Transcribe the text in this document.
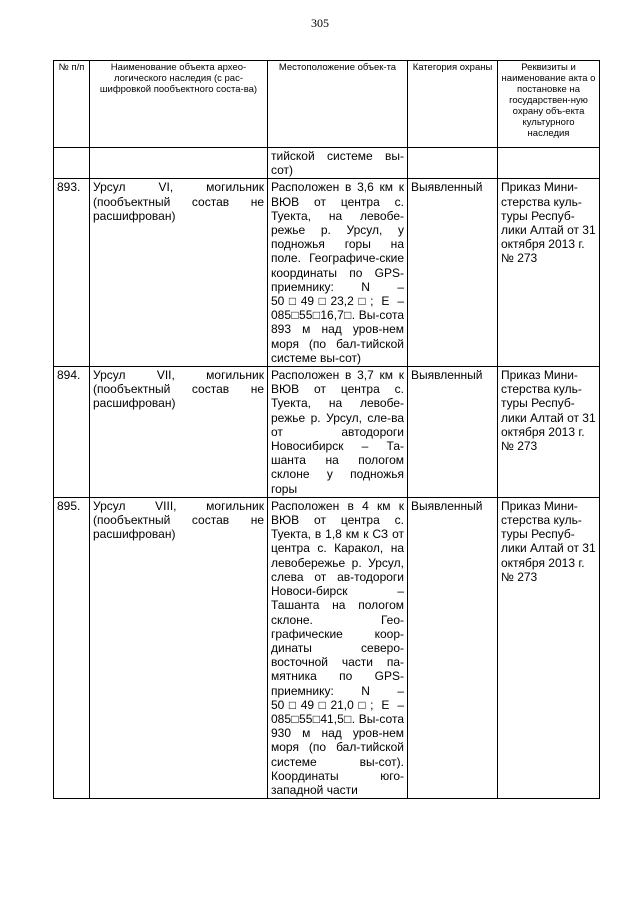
305
№ п/п	Наименование объекта архео-логического наследия (с рас-шифровкой пообъектного соста-ва)	Местоположение объек-та	Категория охраны	Реквизиты и наименование акта о постановке на государствен-ную охрану объ-екта культурного наследия
		тийской системе вы-сот)		
893.	Урсул VI, могильник (пообъектный состав не расшифрован)	Расположен в 3,6 км к ВЮВ от центра с. Туекта, на левобе-режье р. Урсул, у подножья горы на поле. Географиче-ские координаты по GPS-приемнику: N – 50□49□23,2□; E – 085□55□16,7□. Вы-сота 893 м над уров-нем моря (по бал-тийской системе вы-сот)	Выявленный	Приказ Мини-стерства куль-туры Респуб-лики Алтай от 31 октября 2013 г. № 273
894.	Урсул VII, могильник (пообъектный состав не расшифрован)	Расположен в 3,7 км к ВЮВ от центра с. Туекта, на левобе-режье р. Урсул, сле-ва от автодороги Новосибирск – Та-шанта на пологом склоне у подножья горы	Выявленный	Приказ Мини-стерства куль-туры Респуб-лики Алтай от 31 октября 2013 г. № 273
895.	Урсул VIII, могильник (пообъектный состав не расшифрован)	Расположен в 4 км к ВЮВ от центра с. Туекта, в 1,8 км к СЗ от центра с. Каракол, на левобережье р. Урсул, слева от ав-тодороги Новоси-бирск – Ташанта на пологом склоне. Гео-графические коор-динаты северо-восточной части па-мятника по GPS-приемнику: N – 50□49□21,0□; E – 085□55□41,5□. Вы-сота 930 м над уров-нем моря (по бал-тийской системе вы-сот). Координаты юго-западной части	Выявленный	Приказ Мини-стерства куль-туры Респуб-лики Алтай от 31 октября 2013 г. № 273
